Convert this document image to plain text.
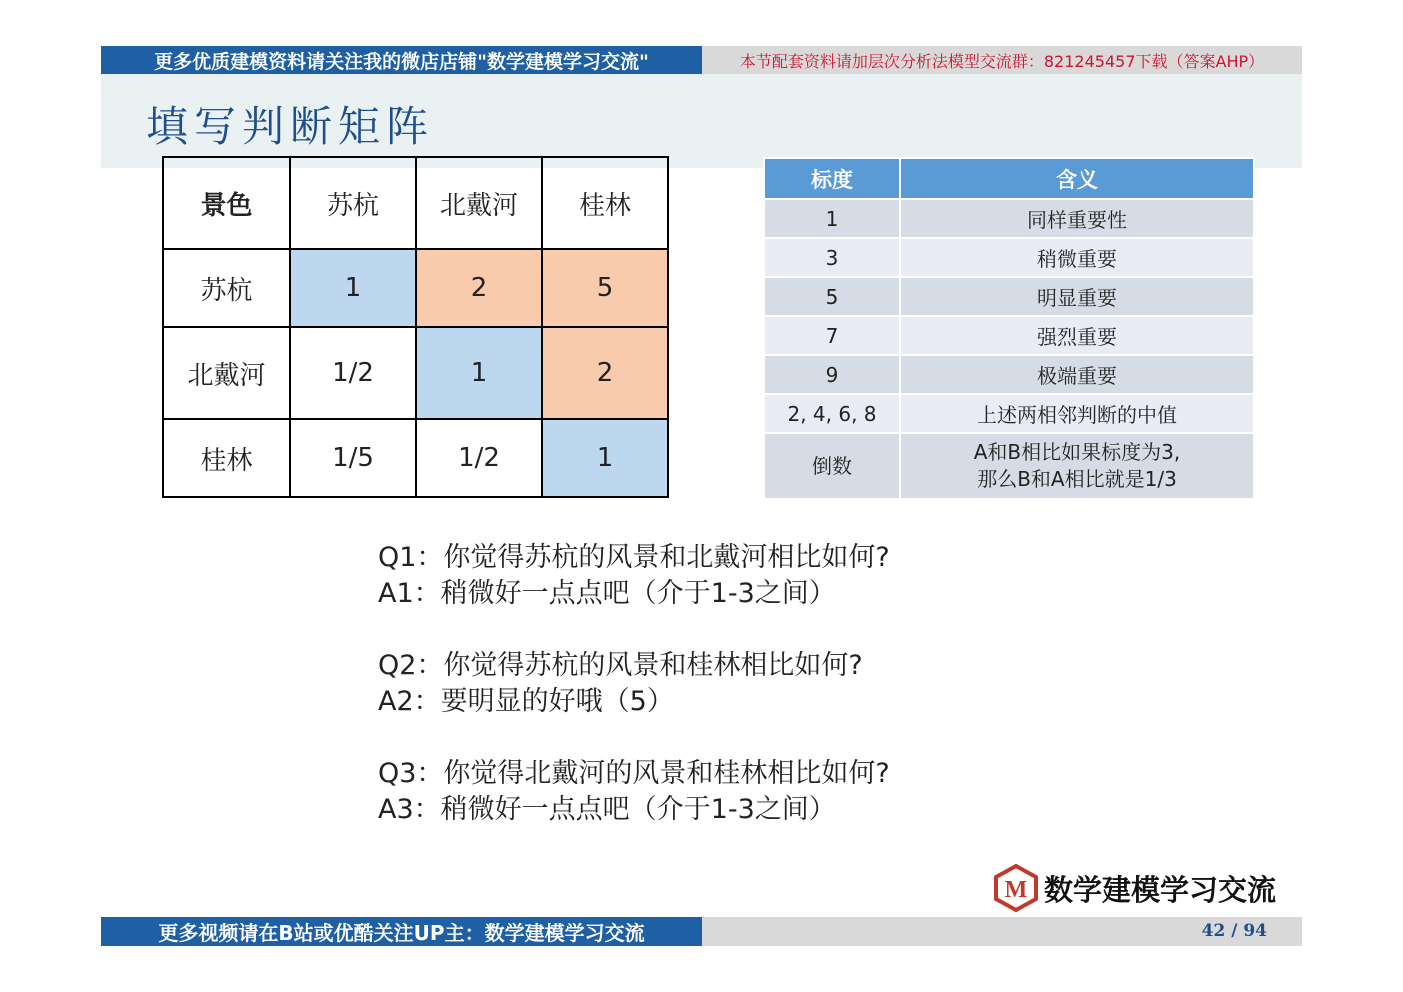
更多优质建模资料请关注我的微店店铺"数学建模学习交流"	本节配套资料请加层次分析法模型交流群：821245457下载（答案AHP）
填写判断矩阵
景色	苏杭	北戴河	桂林
苏杭	1	2	5
北戴河	1/2	1	2
桂林	1/5	1/2	1
标度	含义
1	同样重要性
3	稍微重要
5	明显重要
7	强烈重要
9	极端重要
2, 4, 6, 8	上述两相邻判断的中值
倒数	A和B相比如果标度为3,
那么B和A相比就是1/3
Q1：你觉得苏杭的风景和北戴河相比如何?
A1：稍微好一点点吧（介于1-3之间）
Q2：你觉得苏杭的风景和桂林相比如何?
A2：要明显的好哦（5）
Q3：你觉得北戴河的风景和桂林相比如何?
A3：稍微好一点点吧（介于1-3之间）
M 数学建模学习交流
更多视频请在B站或优酷关注UP主：数学建模学习交流	42 / 94
